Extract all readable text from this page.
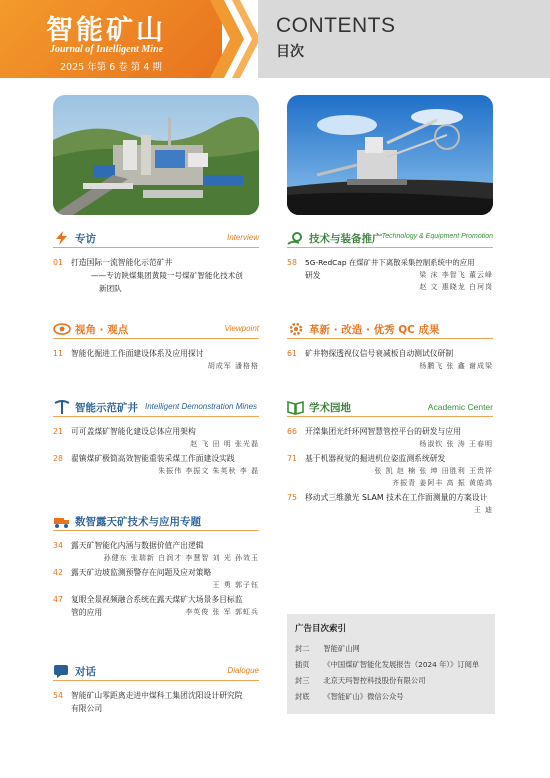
智能矿山
Journal of Intelligent Mine
2025 年第 6 卷 第 4 期
CONTENTS
目次
专访	Interview
01	打造国际一流智能化示范矿井
——专访陕煤集团黄陵一号煤矿智能化技术创
新团队
视角 · 观点	Viewpoint
11	智能化掘进工作面建设体系及应用探讨
胡成军 潘格格
智能示范矿井 Intelligent Demonstration Mines
21	可可盖煤矿智能化建设总体应用架构
赵 飞 田 明 张光磊
28	翟镇煤矿极简高效智能重装采煤工作面建设实践
朱振伟 李振文 朱英秋 李 磊
数智露天矿技术与应用专题
34	露天矿智能化内涵与数据价值产出逻辑
孙健东 张瑞新 白润才 李慧智 刘 光 孙效玉
42	露天矿边坡监测预警存在问题及应对策略
王 勇 郭子钰
47	复眼全景视频融合系统在露天煤矿大场景多目标监
管的应用	李英俊 张 军 郭虹兵
对话	Dialogue
54	智能矿山零距离走进中煤科工集团沈阳设计研究院
有限公司
技术与装备推广 Technology & Equipment Promotion
58	5G-RedCap 在煤矿井下离散采集控制系统中的应用
研发	梁 沫 李智飞 董云峰
赵 文 惠晓龙 白珂岗
革新 · 改造 · 优秀 QC 成果
61	矿井物探透视仪信号衰减板自动测试仪研制
杨鹏飞 张 鑫 谢成梁
学术园地	Academic Center
66	开滦集团光纤环网智慧管控平台的研发与应用
杨淑钦 张 涛 王春明
71	基于机器视觉的掘进机位姿监测系统研发
张 凯 赵 楠 张 坤 田胜利 王贵祥
齐振青 姜阿丰 高 振 黄皓鸿
75	移动式三维激光 SLAM 技术在工作面测量的方案设计
王 迪
广告目次索引
封二 智能矿山网
插页 《中国煤矿智能化发展报告（2024 年）》订阅单
封三 北京天玛智控科技股份有限公司
封底 《智能矿山》微信公众号
